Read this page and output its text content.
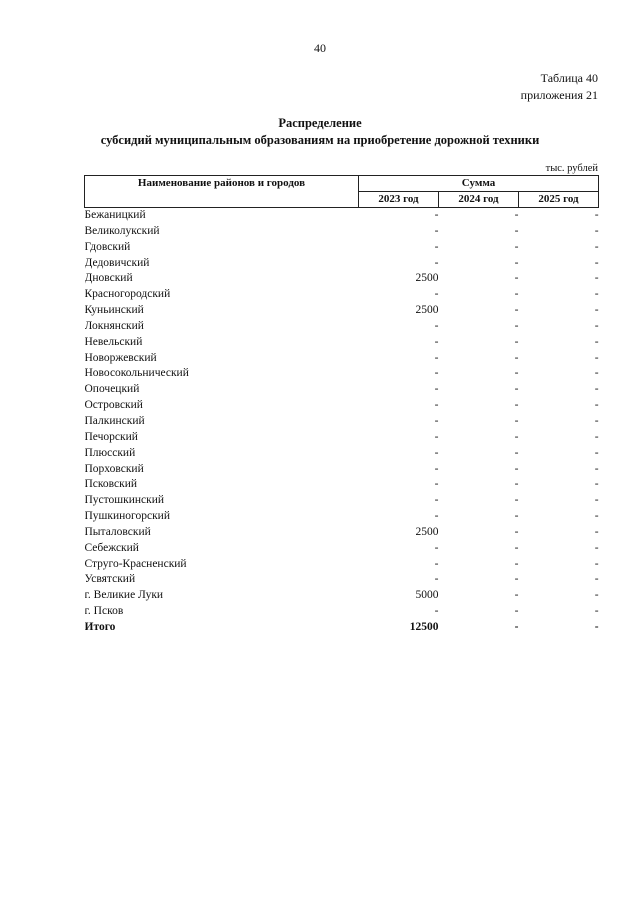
40
Таблица 40
приложения 21
Распределение
субсидий муниципальным образованиям на приобретение дорожной техники
тыс. рублей
Наименование районов и городов	Сумма		
	2023 год	2024 год	2025 год
Бежаницкий	-	-	-
Великолукский	-	-	-
Гдовский	-	-	-
Дедовичский	-	-	-
Дновский	2500	-	-
Красногородский	-	-	-
Куньинский	2500	-	-
Локнянский	-	-	-
Невельский	-	-	-
Новоржевский	-	-	-
Новосокольнический	-	-	-
Опочецкий	-	-	-
Островский	-	-	-
Палкинский	-	-	-
Печорский	-	-	-
Плюсский	-	-	-
Порховский	-	-	-
Псковский	-	-	-
Пустошкинский	-	-	-
Пушкиногорский	-	-	-
Пыталовский	2500	-	-
Себежский	-	-	-
Струго-Красненский	-	-	-
Усвятский	-	-	-
г. Великие Луки	5000	-	-
г. Псков	-	-	-
Итого	12500	-	-
